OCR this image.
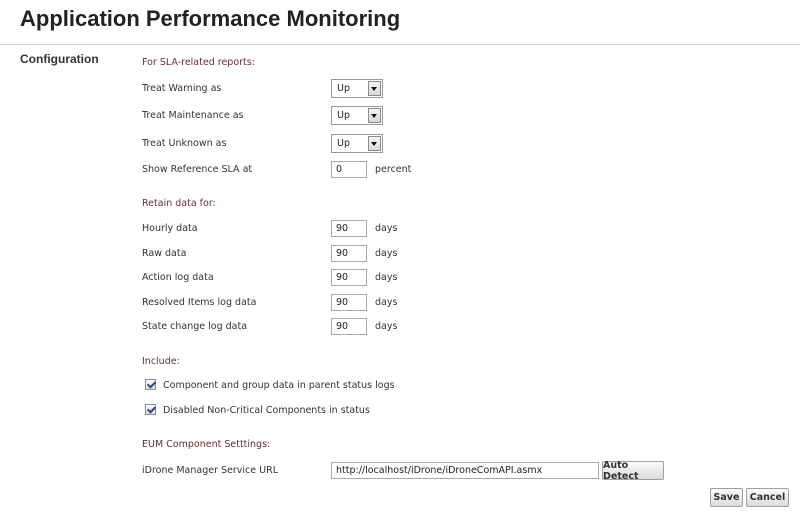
Application Performance Monitoring
Configuration	For SLA-related reports:
Treat Warning as	Up
Treat Maintenance as	Up
Treat Unknown as	Up
Show Reference SLA at	0	percent
Retain data for:
Hourly data	90	days
Raw data	90	days
Action log data	90	days
Resolved Items log data	90	days
State change log data	90	days
Include:
Component and group data in parent status logs
Disabled Non-Critical Components in status
EUM Component Setttings:
iDrone Manager Service URL	http://localhost/iDrone/iDroneComAPI.asmx	Auto Detect
Save	Cancel
